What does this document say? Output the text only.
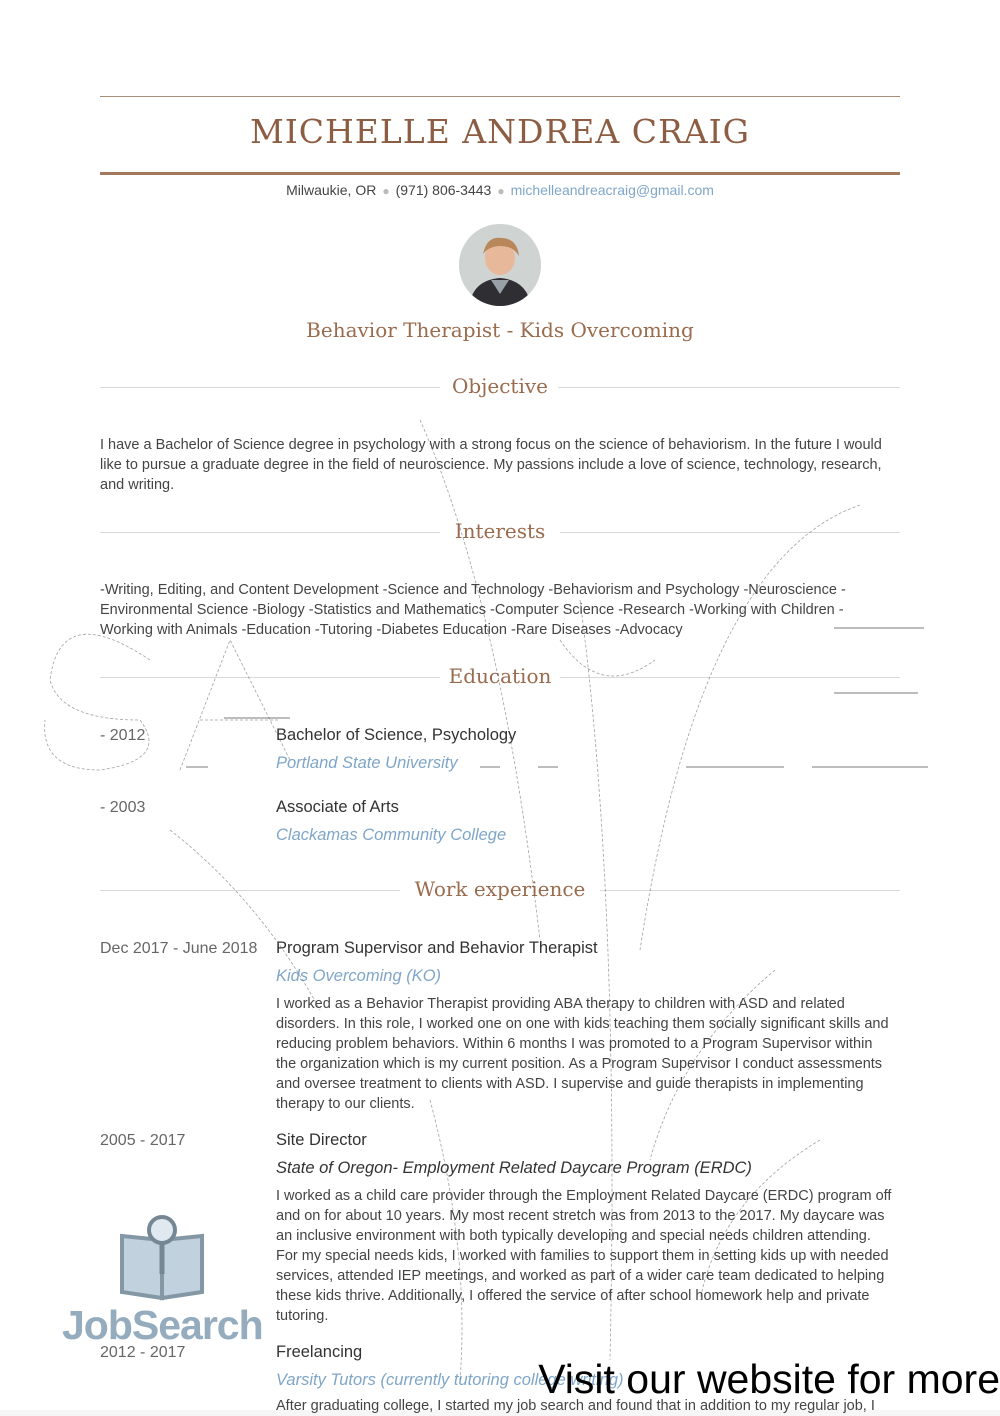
MICHELLE ANDREA CRAIG
Milwaukie, OR ● (971) 806-3443 ● michelleandreacraig@gmail.com
Behavior Therapist - Kids Overcoming
Objective
I have a Bachelor of Science degree in psychology with a strong focus on the science of behaviorism. In the future I would like to pursue a graduate degree in the field of neuroscience. My passions include a love of science, technology, research, and writing.
Interests
-Writing, Editing, and Content Development -Science and Technology -Behaviorism and Psychology -Neuroscience -Environmental Science -Biology -Statistics and Mathematics -Computer Science -Research -Working with Children -Working with Animals -Education -Tutoring -Diabetes Education -Rare Diseases -Advocacy
Education
- 2012	Bachelor of Science, Psychology
Portland State University
- 2003	Associate of Arts
Clackamas Community College
Work experience
Dec 2017 - June 2018	Program Supervisor and Behavior Therapist
Kids Overcoming (KO)
I worked as a Behavior Therapist providing ABA therapy to children with ASD and related disorders. In this role, I worked one on one with kids teaching them socially significant skills and reducing problem behaviors. Within 6 months I was promoted to a Program Supervisor within the organization which is my current position. As a Program Supervisor I conduct assessments and oversee treatment to clients with ASD. I supervise and guide therapists in implementing therapy to our clients.
2005 - 2017	Site Director
State of Oregon- Employment Related Daycare Program (ERDC)
I worked as a child care provider through the Employment Related Daycare (ERDC) program off and on for about 10 years. My most recent stretch was from 2013 to the 2017. My daycare was an inclusive environment with both typically developing and special needs children attending. For my special needs kids, I worked with families to support them in setting kids up with needed services, attended IEP meetings, and worked as part of a wider care team dedicated to helping these kids thrive. Additionally, I offered the service of after school homework help and private tutoring.
2012 - 2017	Freelancing
Varsity Tutors (currently tutoring college writing)
After graduating college, I started my job search and found that in addition to my regular job, I
JobSearch
Visit our website for more
